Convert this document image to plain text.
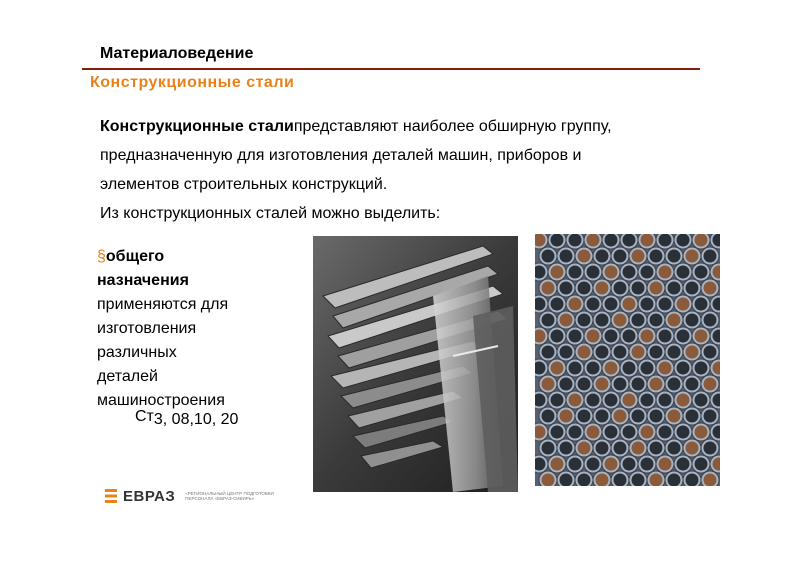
Материаловедение
Конструкционные стали

Конструкционные сталипредставляют наиболее обширную группу,

предназначенную для изготовления деталей машин, приборов и

элементов строительных конструкций.

Из конструкционных сталей можно выделить:

§общего
назначения
применяются для
изготовления
различных
деталей
машиностроения
Ст3, 08,10, 20
ЕВРАЗ «РЕГИОНАЛЬНЫЙ ЦЕНТР ПОДГОТОВКИ ПЕРСОНАЛА «ЕВРАЗ-СИБИРЬ»
